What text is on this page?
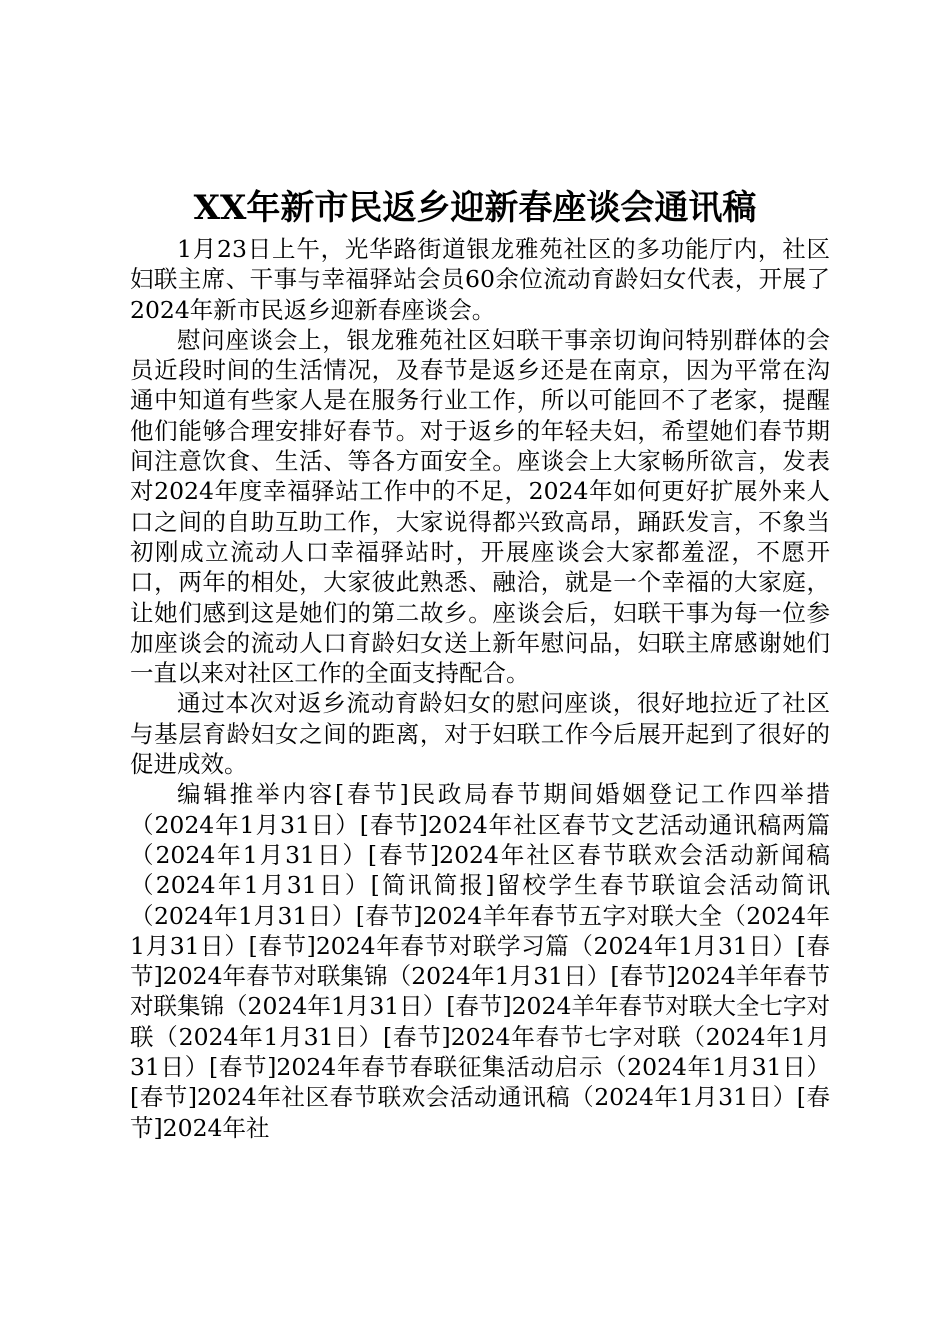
XX年新市民返乡迎新春座谈会通讯稿

1月23日上午，光华路街道银龙雅苑社区的多功能厅内，社区妇联主席、干事与幸福驿站会员60余位流动育龄妇女代表，开展了2024年新市民返乡迎新春座谈会。

慰问座谈会上，银龙雅苑社区妇联干事亲切询问特别群体的会员近段时间的生活情况，及春节是返乡还是在南京，因为平常在沟通中知道有些家人是在服务行业工作，所以可能回不了老家，提醒他们能够合理安排好春节。对于返乡的年轻夫妇，希望她们春节期间注意饮食、生活、等各方面安全。座谈会上大家畅所欲言，发表对2024年度幸福驿站工作中的不足，2024年如何更好扩展外来人口之间的自助互助工作，大家说得都兴致高昂，踊跃发言，不象当初刚成立流动人口幸福驿站时，开展座谈会大家都羞涩，不愿开口，两年的相处，大家彼此熟悉、融洽，就是一个幸福的大家庭，让她们感到这是她们的第二故乡。座谈会后，妇联干事为每一位参加座谈会的流动人口育龄妇女送上新年慰问品，妇联主席感谢她们一直以来对社区工作的全面支持配合。

通过本次对返乡流动育龄妇女的慰问座谈，很好地拉近了社区与基层育龄妇女之间的距离，对于妇联工作今后展开起到了很好的促进成效。

编辑推举内容[春节]民政局春节期间婚姻登记工作四举措（2024年1月31日）[春节]2024年社区春节文艺活动通讯稿两篇（2024年1月31日）[春节]2024年社区春节联欢会活动新闻稿（2024年1月31日）[简讯简报]留校学生春节联谊会活动简讯（2024年1月31日）[春节]2024羊年春节五字对联大全（2024年1月31日）[春节]2024年春节对联学习篇（2024年1月31日）[春节]2024年春节对联集锦（2024年1月31日）[春节]2024羊年春节对联集锦（2024年1月31日）[春节]2024羊年春节对联大全七字对联（2024年1月31日）[春节]2024年春节七字对联（2024年1月31日）[春节]2024年春节春联征集活动启示（2024年1月31日）[春节]2024年社区春节联欢会活动通讯稿（2024年1月31日）[春节]2024年社
